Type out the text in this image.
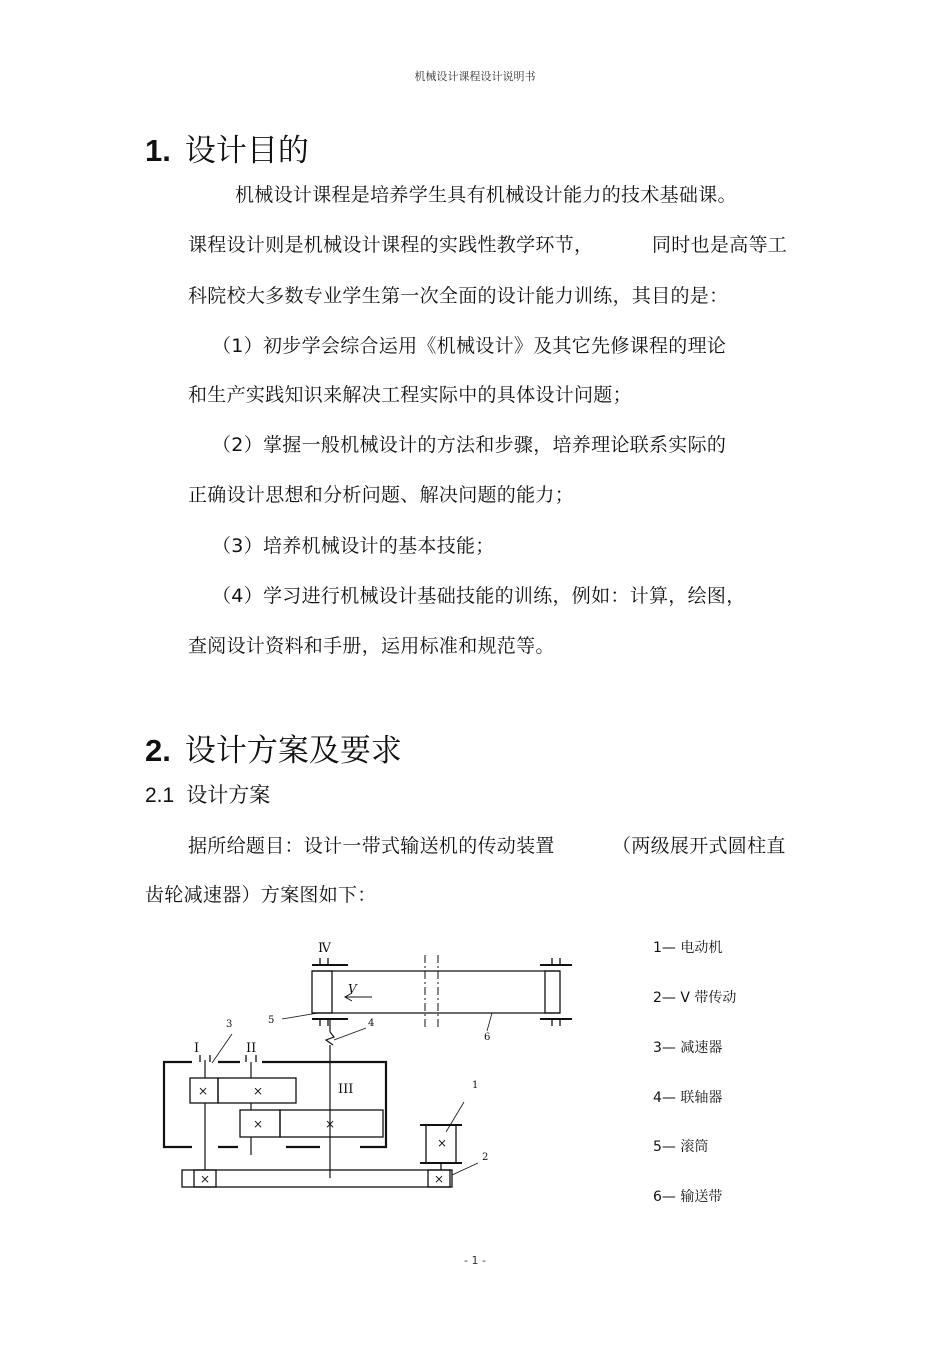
机械设计课程设计说明书
1. 设计目的
机械设计课程是培养学生具有机械设计能力的技术基础课。
课程设计则是机械设计课程的实践性教学环节，	同时也是高等工
科院校大多数专业学生第一次全面的设计能力训练，其目的是：
（1）初步学会综合运用《机械设计》及其它先修课程的理论
和生产实践知识来解决工程实际中的具体设计问题；
（2）掌握一般机械设计的方法和步骤，培养理论联系实际的
正确设计思想和分析问题、解决问题的能力；
（3）培养机械设计的基本技能；
（4）学习进行机械设计基础技能的训练，例如：计算，绘图，
查阅设计资料和手册，运用标准和规范等。
2. 设计方案及要求
2.1 设计方案
据所给题目：设计一带式输送机的传动装置	（两级展开式圆柱直
齿轮减速器）方案图如下：
Ⅳ
I	II
III
V
1
2
3	4
5
6
×	×
×	×
×	×
×
1— 电动机
2— V 带传动
3— 减速器
4— 联轴器
5— 滚筒
6— 输送带
- 1 -
